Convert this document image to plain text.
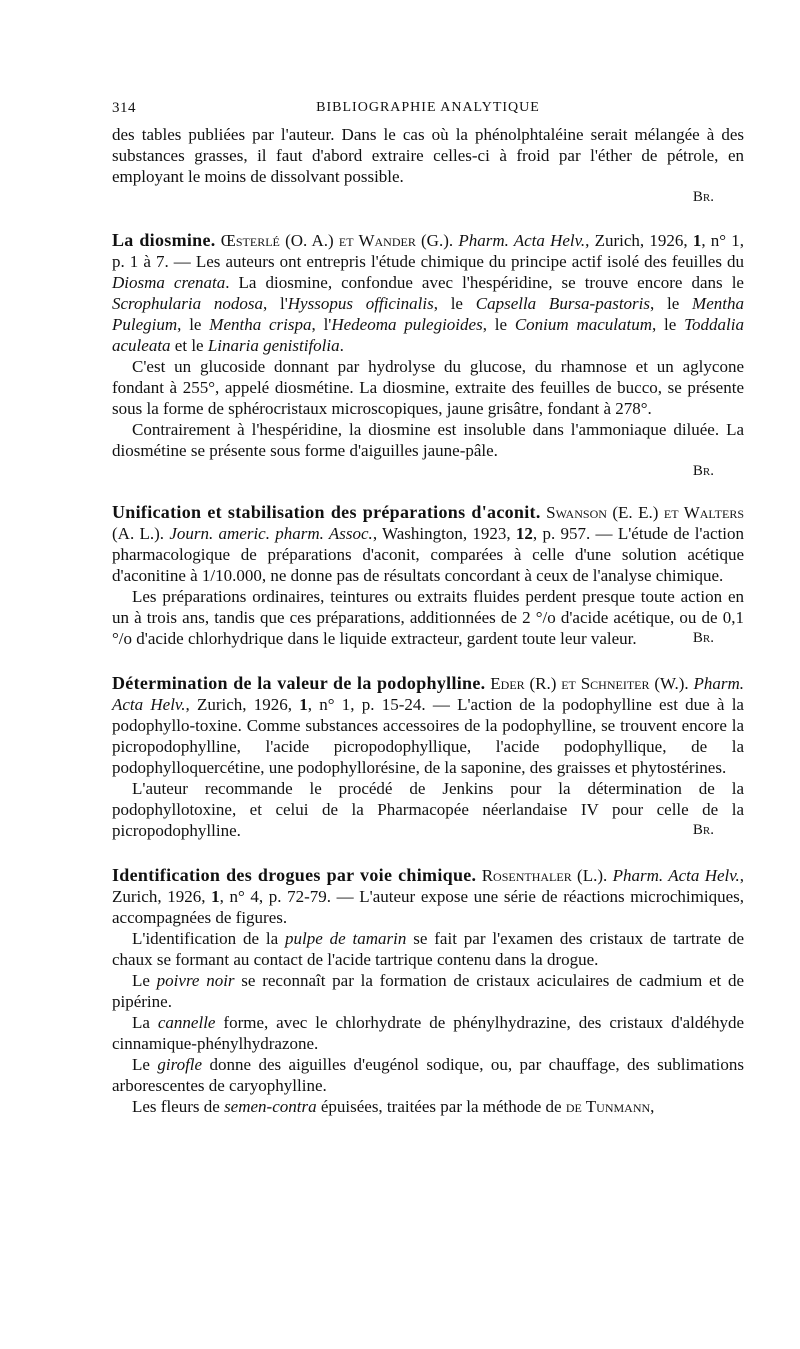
314	BIBLIOGRAPHIE ANALYTIQUE

des tables publiées par l'auteur. Dans le cas où la phénolphtaléine serait mélangée à des substances grasses, il faut d'abord extraire celles-ci à froid par l'éther de pétrole, en employant le moins de dissolvant possible.

Br.

La diosmine. Œsterlé (O. A.) et Wander (G.). Pharm. Acta Helv., Zurich, 1926, 1, n° 1, p. 1 à 7. — Les auteurs ont entrepris l'étude chimique du principe actif isolé des feuilles du Diosma crenata. La diosmine, confondue avec l'hespéridine, se trouve encore dans le Scrophularia nodosa, l'Hyssopus officinalis, le Capsella Bursa-pastoris, le Mentha Pulegium, le Mentha crispa, l'Hedeoma pulegioides, le Conium maculatum, le Toddalia aculeata et le Linaria genistifolia.

C'est un glucoside donnant par hydrolyse du glucose, du rhamnose et un aglycone fondant à 255°, appelé diosmétine. La diosmine, extraite des feuilles de bucco, se présente sous la forme de sphérocristaux microscopiques, jaune grisâtre, fondant à 278°.

Contrairement à l'hespéridine, la diosmine est insoluble dans l'ammoniaque diluée. La diosmétine se présente sous forme d'aiguilles jaune-pâle.

Br.

Unification et stabilisation des préparations d'aconit. Swanson (E. E.) et Walters (A. L.). Journ. americ. pharm. Assoc., Washington, 1923, 12, p. 957. — L'étude de l'action pharmacologique de préparations d'aconit, comparées à celle d'une solution acétique d'aconitine à 1/10.000, ne donne pas de résultats concordant à ceux de l'analyse chimique.

Les préparations ordinaires, teintures ou extraits fluides perdent presque toute action en un à trois ans, tandis que ces préparations, additionnées de 2 °/o d'acide acétique, ou de 0,1 °/o d'acide chlorhydrique dans le liquide extracteur, gardent toute leur valeur.	Br.

Détermination de la valeur de la podophylline. Eder (R.) et Schneiter (W.). Pharm. Acta Helv., Zurich, 1926, 1, n° 1, p. 15-24. — L'action de la podophylline est due à la podophyllo-toxine. Comme substances accessoires de la podophylline, se trouvent encore la picropodophylline, l'acide picropodophyllique, l'acide podophyllique, de la podophylloquercétine, une podophyllorésine, de la saponine, des graisses et phytostérines.

L'auteur recommande le procédé de Jenkins pour la détermination de la podophyllotoxine, et celui de la Pharmacopée néerlandaise IV pour celle de la picropodophylline.	Br.

Identification des drogues par voie chimique. Rosenthaler (L.). Pharm. Acta Helv., Zurich, 1926, 1, n° 4, p. 72-79. — L'auteur expose une série de réactions microchimiques, accompagnées de figures.

L'identification de la pulpe de tamarin se fait par l'examen des cristaux de tartrate de chaux se formant au contact de l'acide tartrique contenu dans la drogue.

Le poivre noir se reconnaît par la formation de cristaux aciculaires de cadmium et de pipérine.

La cannelle forme, avec le chlorhydrate de phénylhydrazine, des cristaux d'aldéhyde cinnamique-phénylhydrazone.

Le girofle donne des aiguilles d'eugénol sodique, ou, par chauffage, des sublimations arborescentes de caryophylline.

Les fleurs de semen-contra épuisées, traitées par la méthode de de Tunmann,
